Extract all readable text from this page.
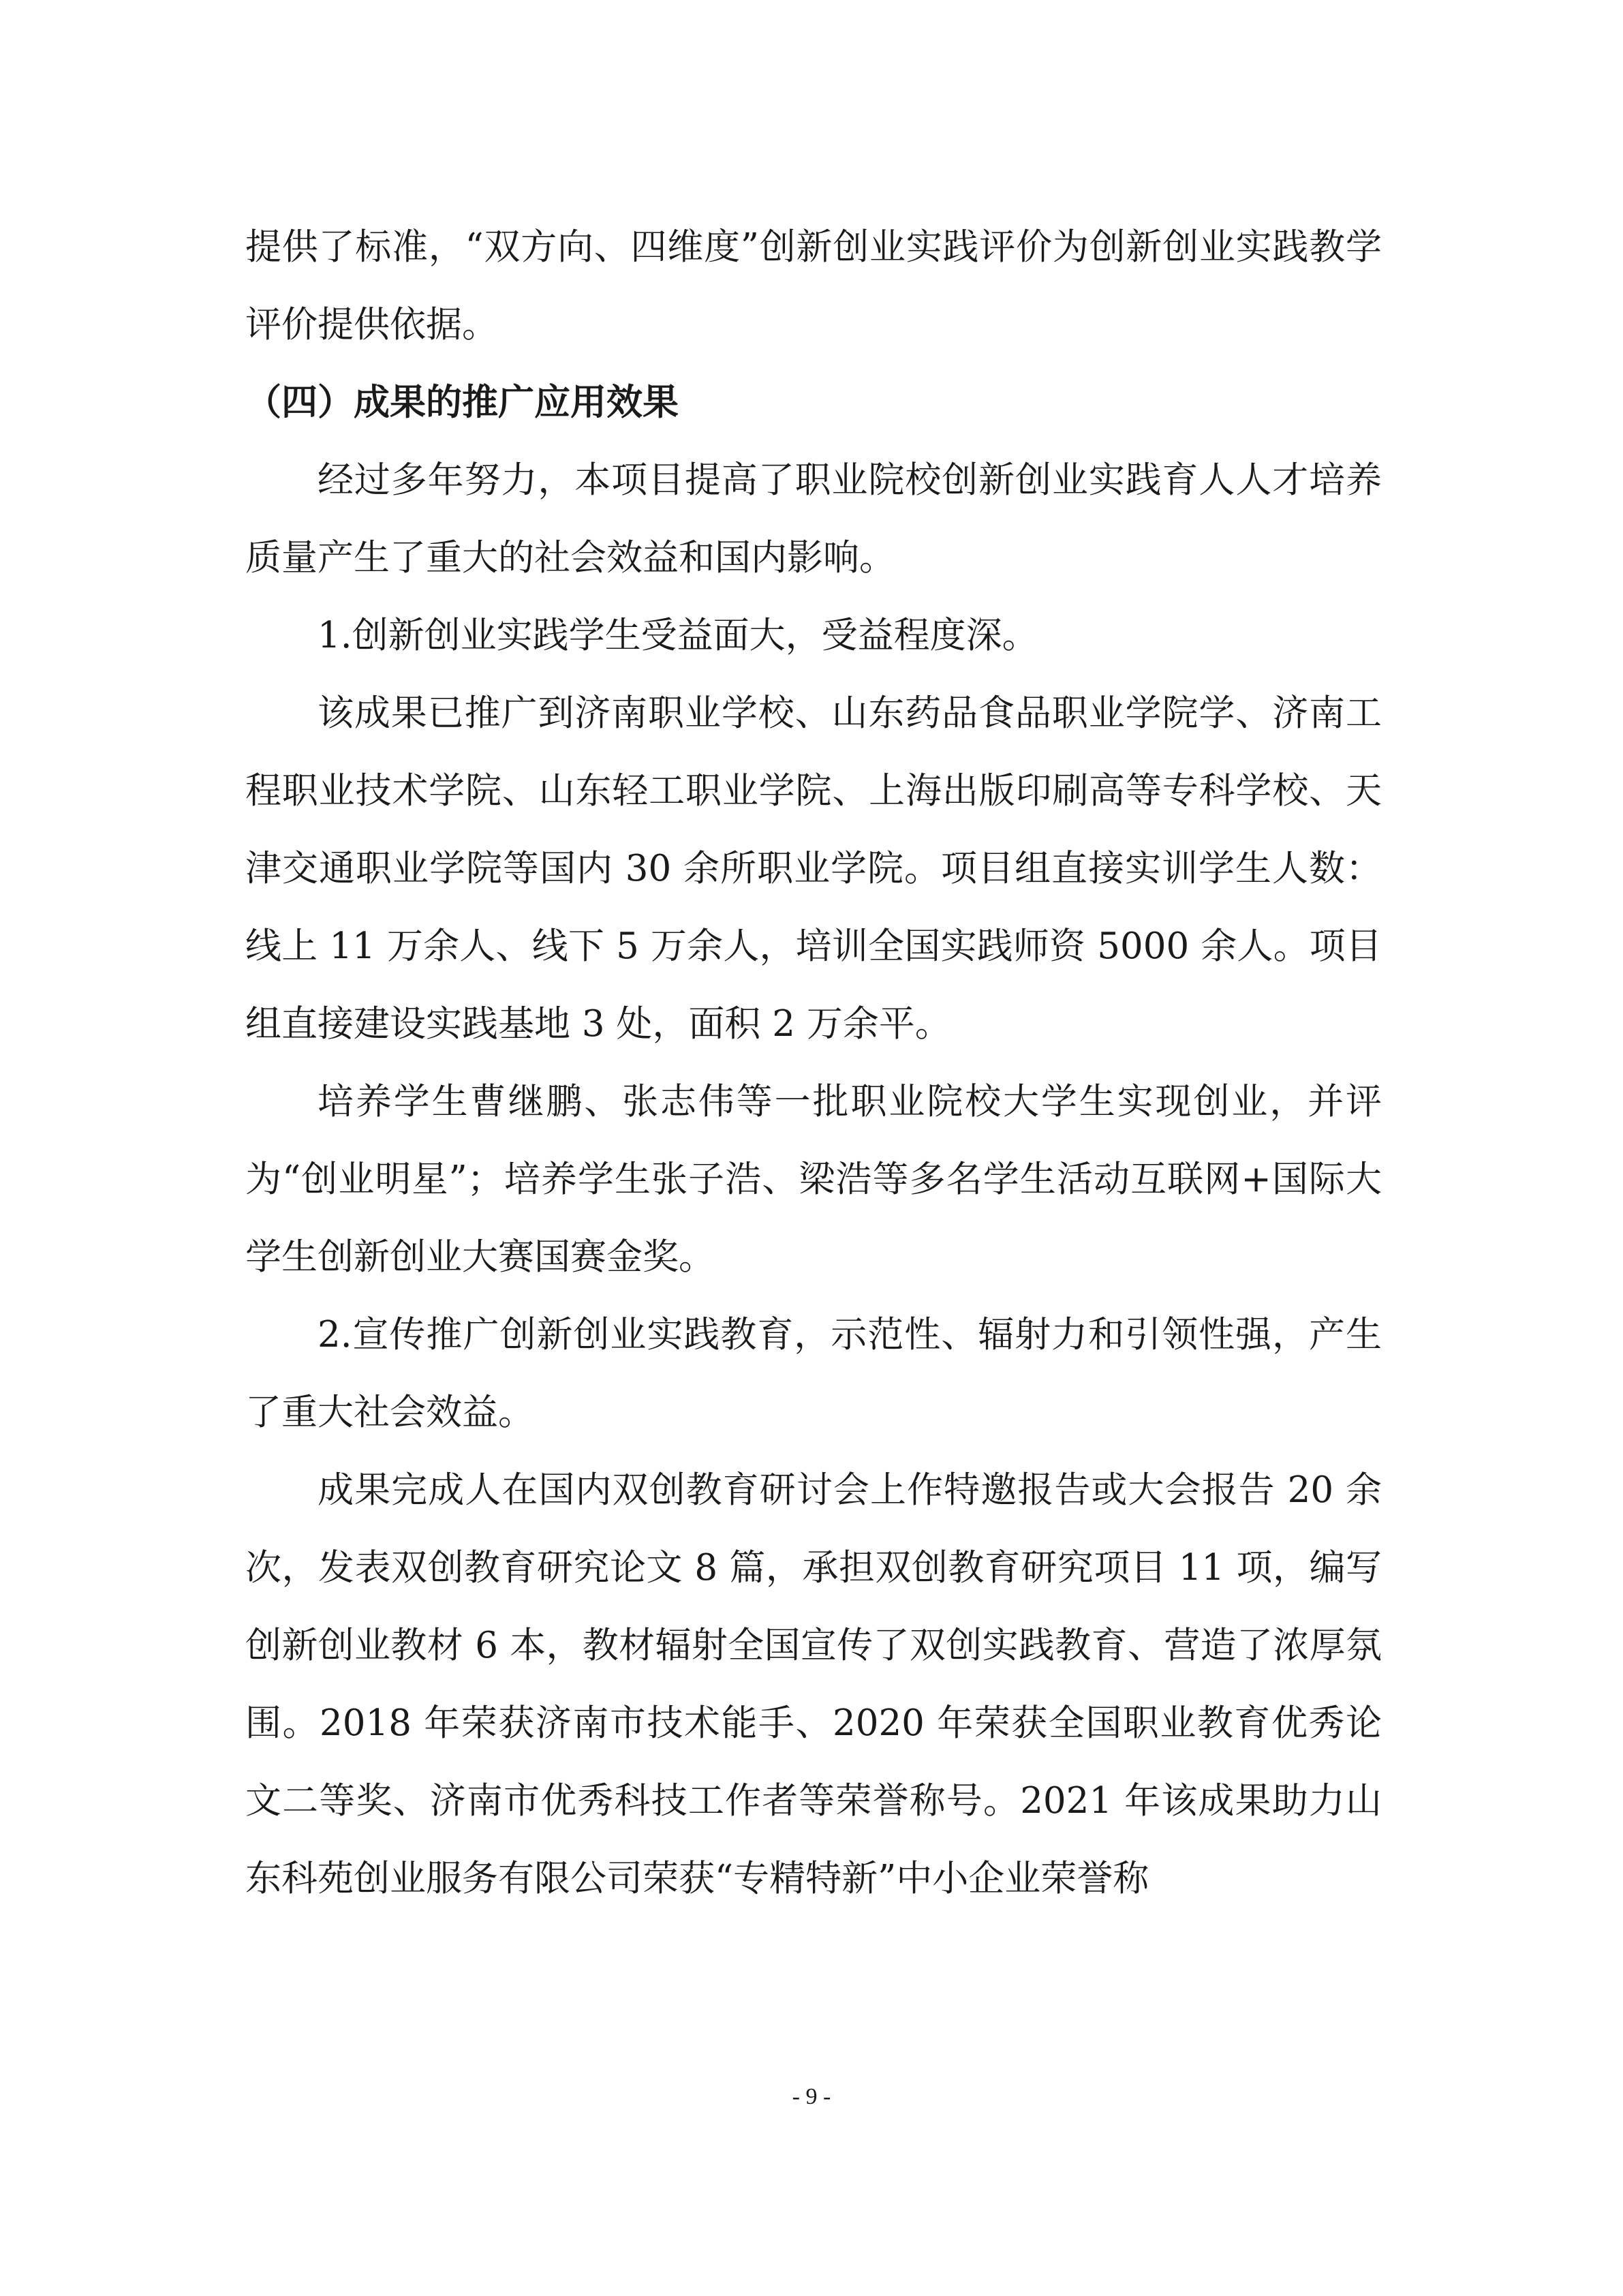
提供了标准，“双方向、四维度”创新创业实践评价为创新创业实践教学评价提供依据。

（四）成果的推广应用效果

经过多年努力，本项目提高了职业院校创新创业实践育人人才培养质量产生了重大的社会效益和国内影响。

1.创新创业实践学生受益面大，受益程度深。

该成果已推广到济南职业学校、山东药品食品职业学院学、济南工程职业技术学院、山东轻工职业学院、上海出版印刷高等专科学校、天津交通职业学院等国内 30 余所职业学院。项目组直接实训学生人数：线上 11 万余人、线下 5 万余人，培训全国实践师资 5000 余人。项目组直接建设实践基地 3 处，面积 2 万余平。

培养学生曹继鹏、张志伟等一批职业院校大学生实现创业，并评为“创业明星”；培养学生张子浩、梁浩等多名学生活动互联网+国际大学生创新创业大赛国赛金奖。

2.宣传推广创新创业实践教育，示范性、辐射力和引领性强，产生了重大社会效益。

成果完成人在国内双创教育研讨会上作特邀报告或大会报告 20 余次，发表双创教育研究论文 8 篇，承担双创教育研究项目 11 项，编写创新创业教材 6 本，教材辐射全国宣传了双创实践教育、营造了浓厚氛围。2018 年荣获济南市技术能手、2020 年荣获全国职业教育优秀论文二等奖、济南市优秀科技工作者等荣誉称号。2021 年该成果助力山东科苑创业服务有限公司荣获“专精特新”中小企业荣誉称

- 9 -
